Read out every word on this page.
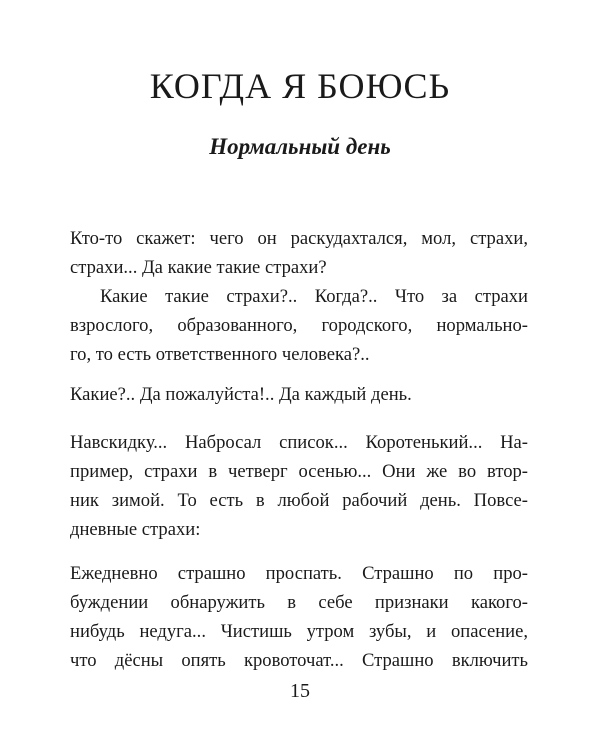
КОГДА Я БОЮСЬ
Нормальный день

Кто-то скажет: чего он раскудахтался, мол, страхи,

страхи... Да какие такие страхи?

Какие такие страхи?.. Когда?.. Что за страхи

взрослого, образованного, городского, нормально-

го, то есть ответственного человека?..

Какие?.. Да пожалуйста!.. Да каждый день.

Навскидку... Набросал список... Коротенький... На-

пример, страхи в четверг осенью... Они же во втор-

ник зимой. То есть в любой рабочий день. Повсе-

дневные страхи:

Ежедневно страшно проспать. Страшно по про-

буждении обнаружить в себе признаки какого-

нибудь недуга... Чистишь утром зубы, и опасение,

что дёсны опять кровоточат... Страшно включить

15
